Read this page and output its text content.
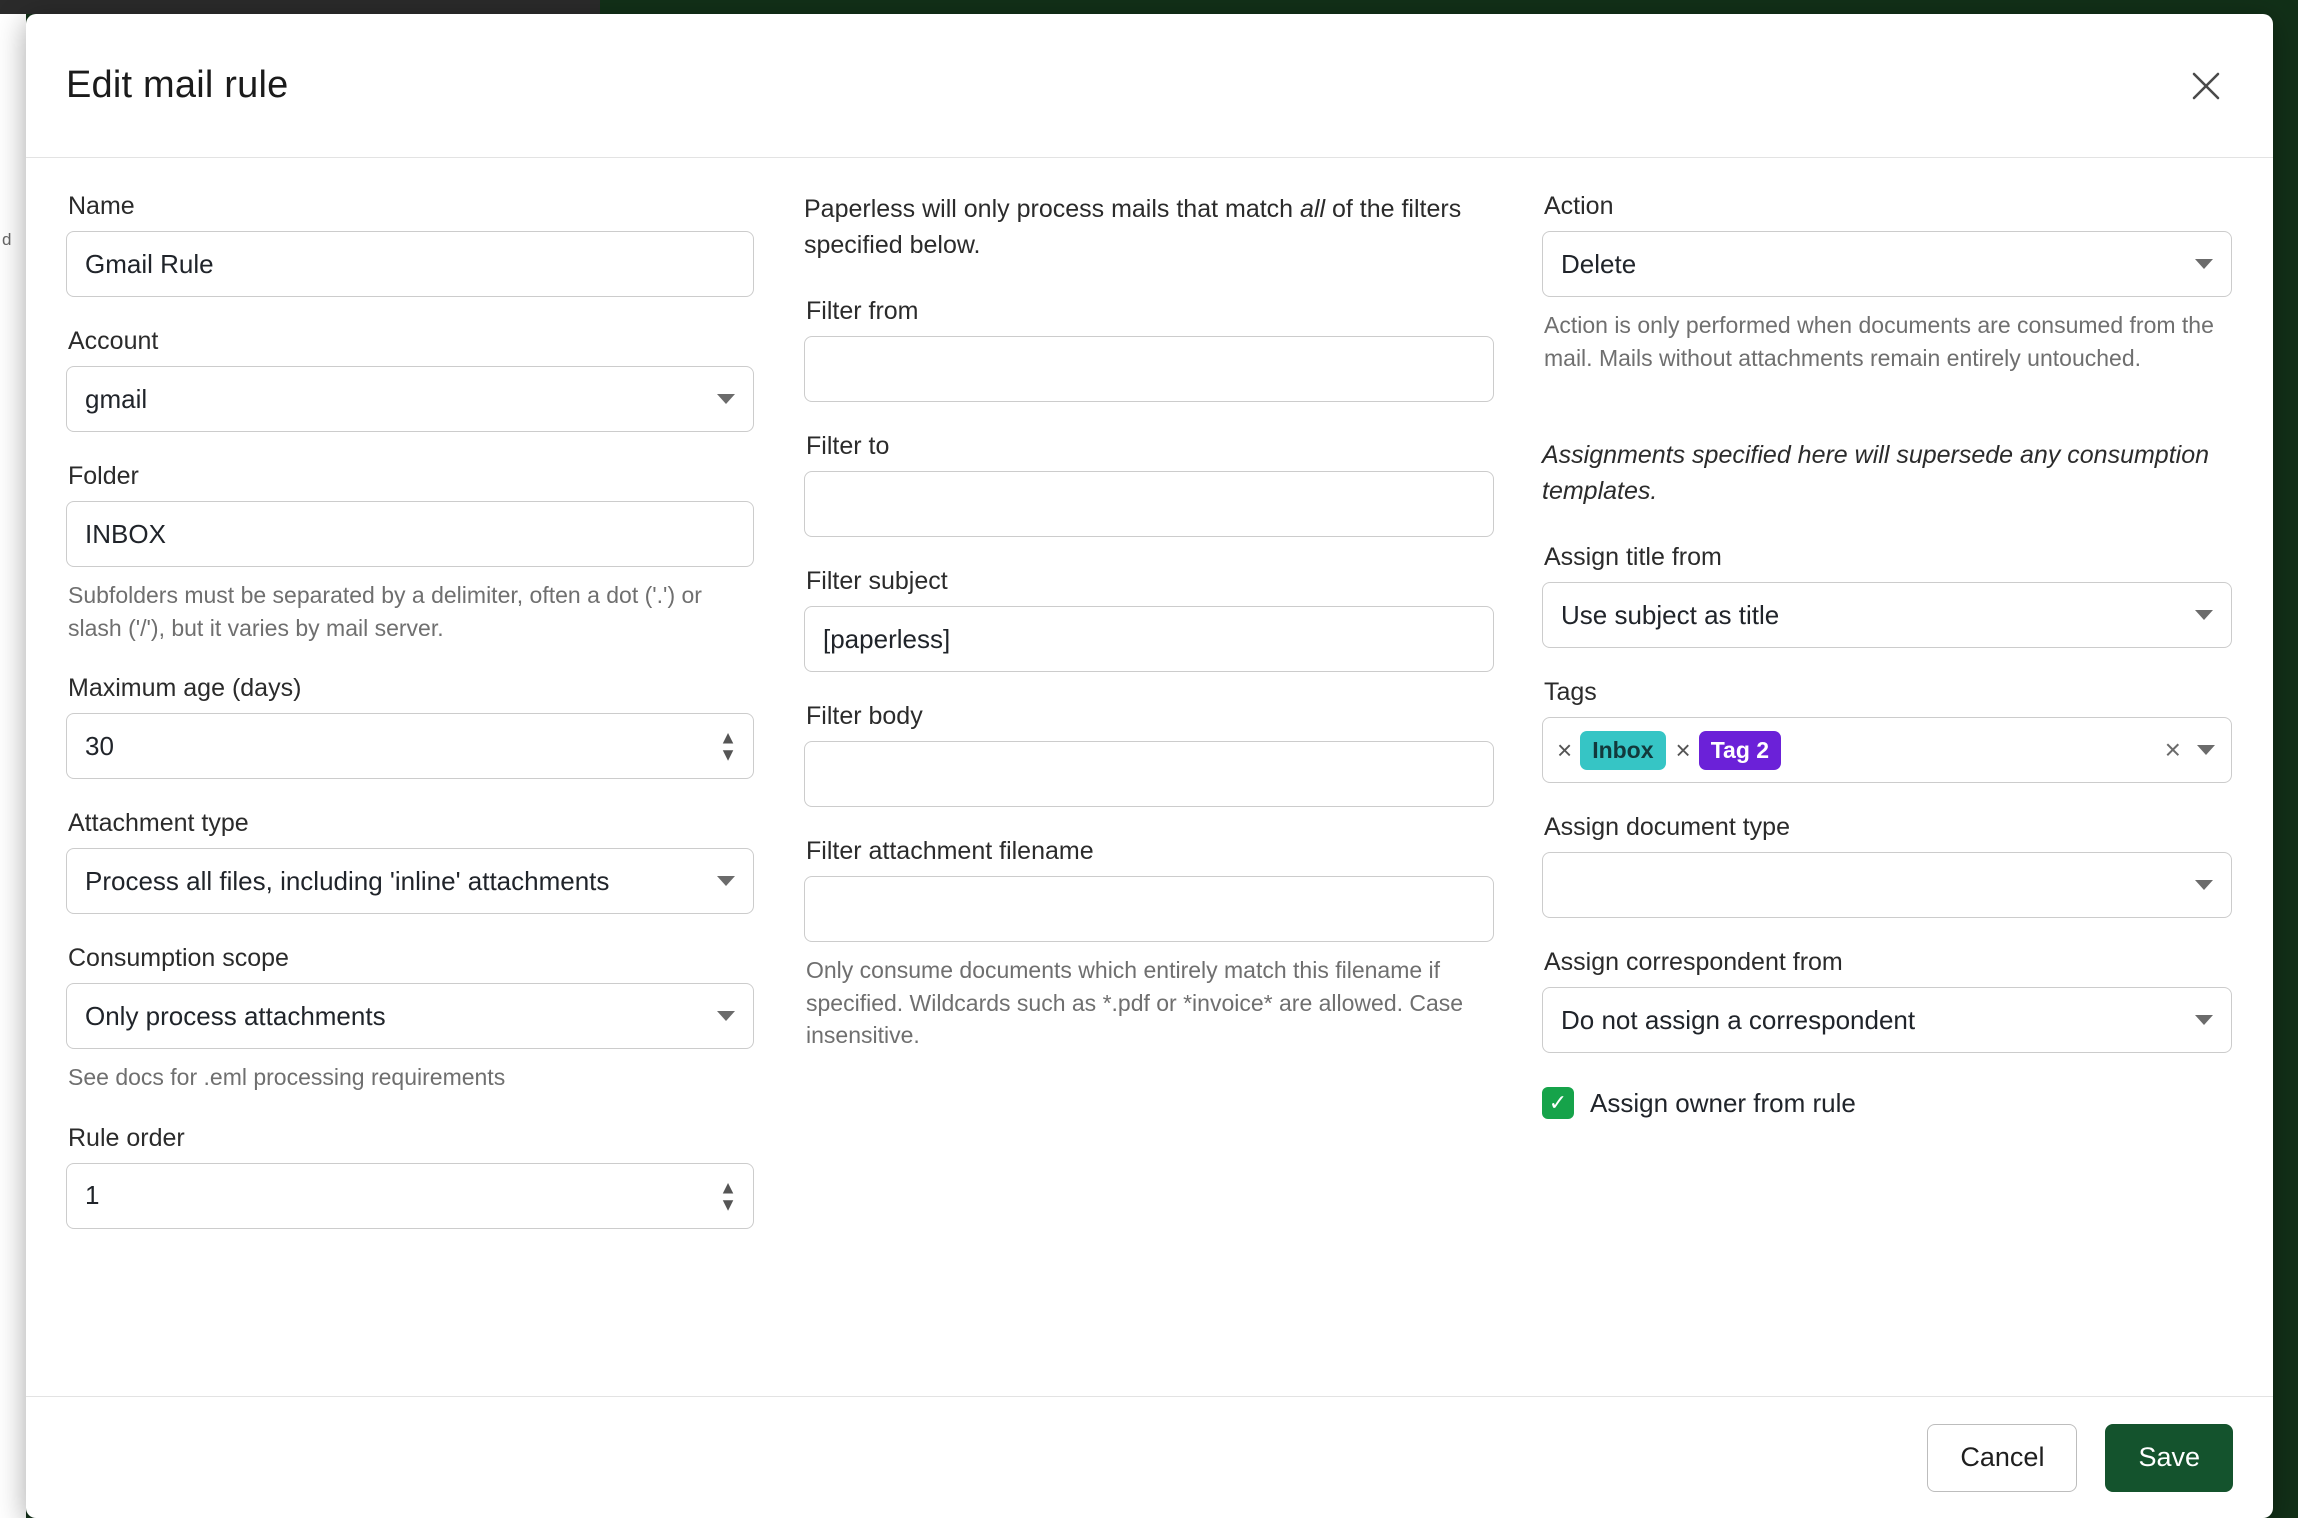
d
Edit mail rule
Name
Gmail Rule
Account
gmail
Folder
INBOX
Subfolders must be separated by a delimiter, often a dot ('.') or slash ('/'), but it varies by mail server.
Maximum age (days)
30	▲
▼
Attachment type
Process all files, including 'inline' attachments
Consumption scope
Only process attachments
See docs for .eml processing requirements
Rule order
1	▲
▼
Paperless will only process mails that match all of the filters specified below.
Filter from
Filter to
Filter subject
[paperless]
Filter body
Filter attachment filename
Only consume documents which entirely match this filename if specified. Wildcards such as *.pdf or *invoice* are allowed. Case insensitive.
Action
Delete
Action is only performed when documents are consumed from the mail. Mails without attachments remain entirely untouched.
Assignments specified here will supersede any consumption templates.
Assign title from
Use subject as title
Tags
× Inbox × Tag 2	×
Assign document type
Assign correspondent from
Do not assign a correspondent
✓ Assign owner from rule
Cancel	Save
